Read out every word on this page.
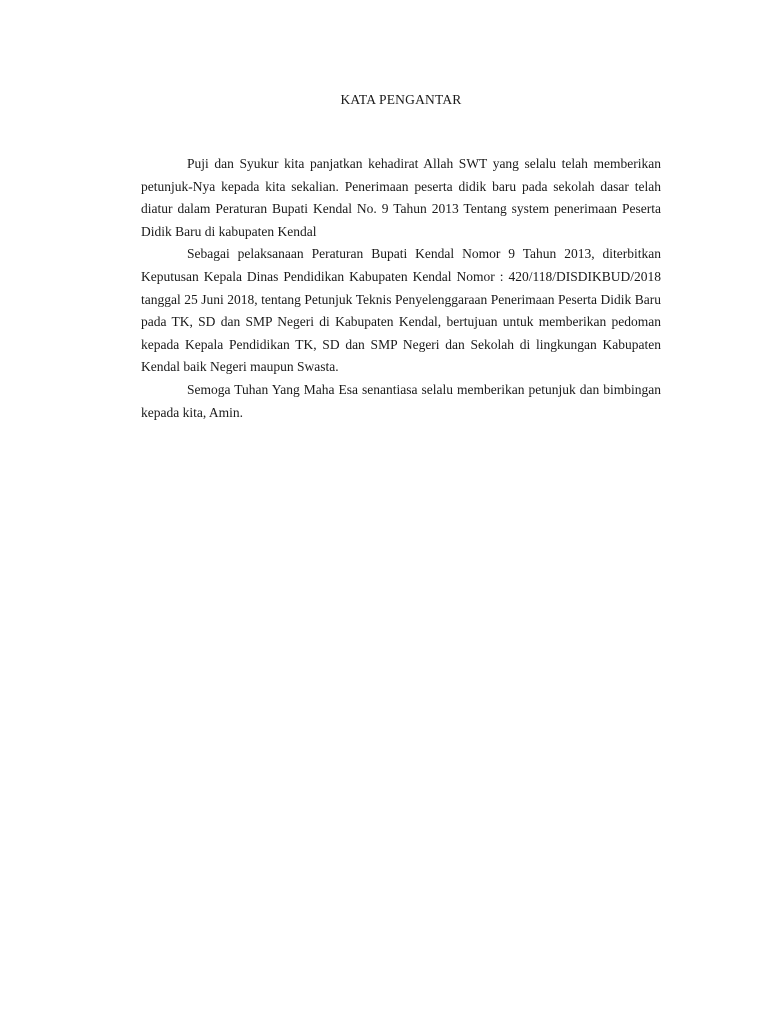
KATA PENGANTAR

Puji dan Syukur kita panjatkan kehadirat Allah SWT yang selalu telah memberikan petunjuk-Nya kepada kita sekalian. Penerimaan peserta didik baru pada sekolah dasar telah diatur dalam Peraturan Bupati Kendal No. 9 Tahun 2013 Tentang system penerimaan Peserta Didik Baru di kabupaten Kendal

Sebagai pelaksanaan Peraturan Bupati Kendal Nomor 9 Tahun 2013, diterbitkan Keputusan Kepala Dinas Pendidikan Kabupaten Kendal Nomor : 420/118/DISDIKBUD/2018 tanggal 25 Juni 2018, tentang Petunjuk Teknis Penyelenggaraan Penerimaan Peserta Didik Baru pada TK, SD dan SMP Negeri di Kabupaten Kendal, bertujuan untuk memberikan pedoman kepada Kepala Pendidikan TK, SD dan SMP Negeri dan Sekolah di lingkungan Kabupaten Kendal baik Negeri maupun Swasta.

Semoga Tuhan Yang Maha Esa senantiasa selalu memberikan petunjuk dan bimbingan kepada kita, Amin.
